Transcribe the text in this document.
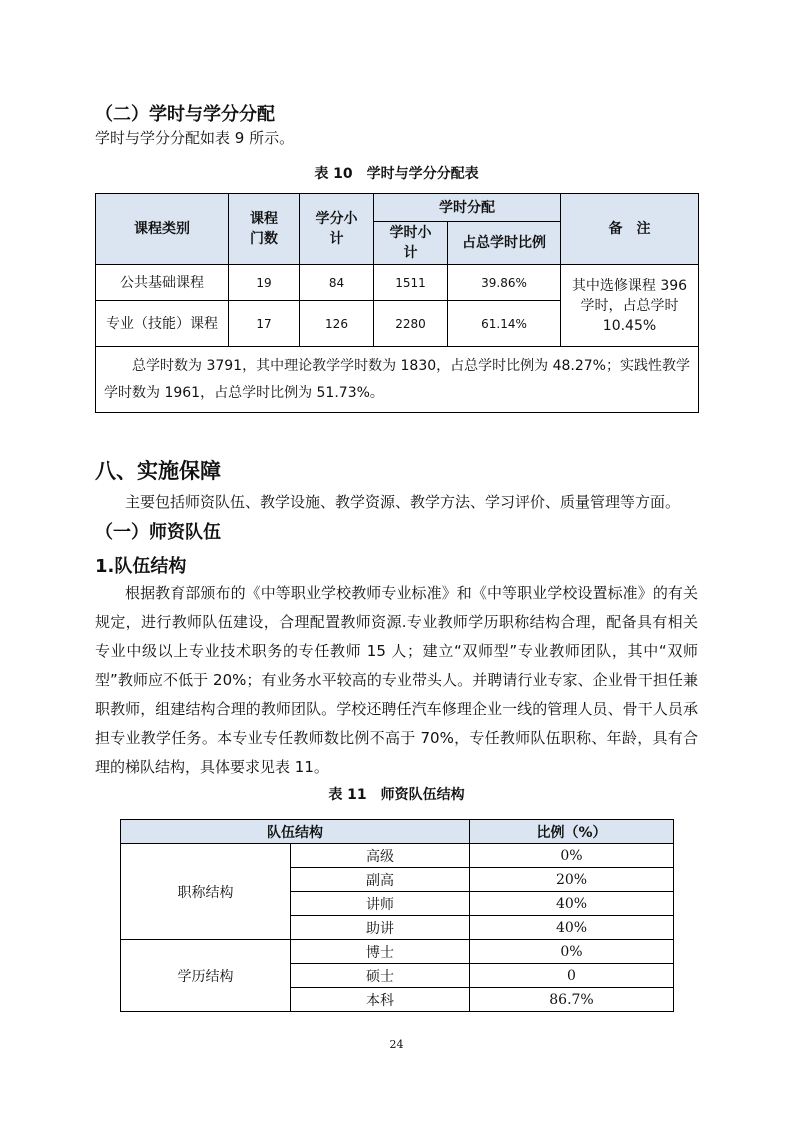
（二）学时与学分分配
学时与学分分配如表 9 所示。
表 10　学时与学分分配表
课程类别	课程门数	学分小计	学时分配		备　注
			学时小计	占总学时比例	
公共基础课程	19	84	1511	39.86%	其中选修课程 396 学时，占总学时 10.45%
专业（技能）课程	17	126	2280	61.14%	
总学时数为 3791，其中理论教学学时数为 1830，占总学时比例为 48.27%；实践性教学学时数为 1961，占总学时比例为 51.73%。					
八、实施保障
主要包括师资队伍、教学设施、教学资源、教学方法、学习评价、质量管理等方面。
（一）师资队伍
1.队伍结构
根据教育部颁布的《中等职业学校教师专业标准》和《中等职业学校设置标准》的有关规定，进行教师队伍建设，合理配置教师资源.专业教师学历职称结构合理，配备具有相关专业中级以上专业技术职务的专任教师 15 人；建立“双师型”专业教师团队，其中“双师型”教师应不低于 20%；有业务水平较高的专业带头人。并聘请行业专家、企业骨干担任兼职教师，组建结构合理的教师团队。学校还聘任汽车修理企业一线的管理人员、骨干人员承担专业教学任务。本专业专任教师数比例不高于 70%，专任教师队伍职称、年龄，具有合理的梯队结构，具体要求见表 11。
表 11　师资队伍结构
队伍结构		比例（%）
职称结构	高级	0%
	副高	20%
	讲师	40%
	助讲	40%
学历结构	博士	0%
	硕士	0
	本科	86.7%
24
